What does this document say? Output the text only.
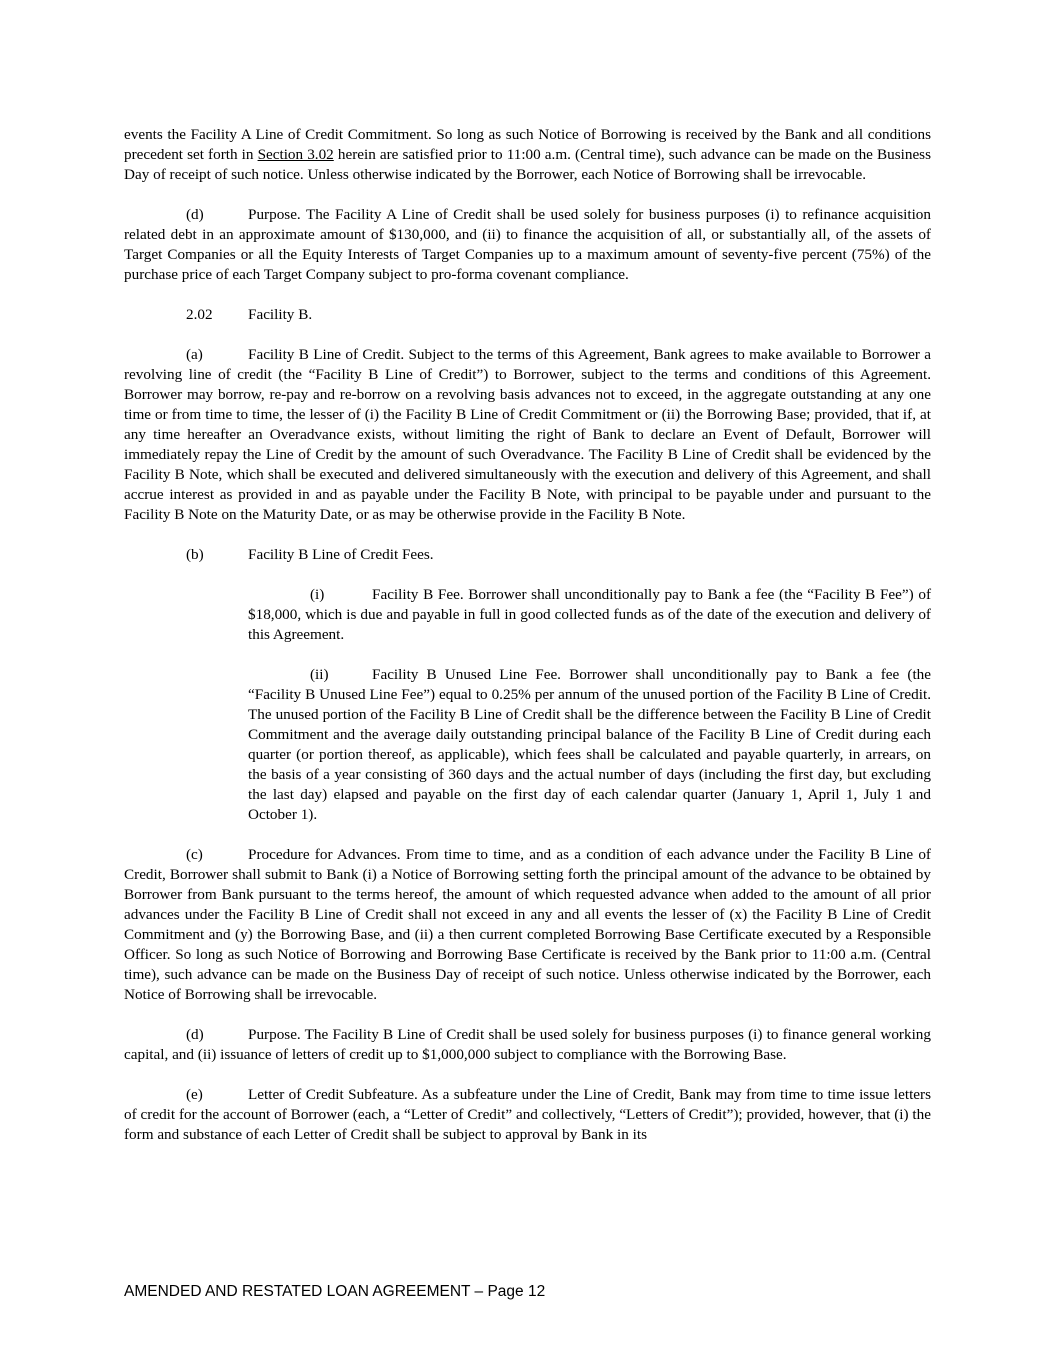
events the Facility A Line of Credit Commitment. So long as such Notice of Borrowing is received by the Bank and all conditions precedent set forth in Section 3.02 herein are satisfied prior to 11:00 a.m. (Central time), such advance can be made on the Business Day of receipt of such notice. Unless otherwise indicated by the Borrower, each Notice of Borrowing shall be irrevocable.

(d)	Purpose. The Facility A Line of Credit shall be used solely for business purposes (i) to refinance acquisition related debt in an approximate amount of $130,000, and (ii) to finance the acquisition of all, or substantially all, of the assets of Target Companies or all the Equity Interests of Target Companies up to a maximum amount of seventy-five percent (75%) of the purchase price of each Target Company subject to pro-forma covenant compliance.

2.02 Facility B.

(a)	Facility B Line of Credit. Subject to the terms of this Agreement, Bank agrees to make available to Borrower a revolving line of credit (the “Facility B Line of Credit”) to Borrower, subject to the terms and conditions of this Agreement. Borrower may borrow, re-pay and re-borrow on a revolving basis advances not to exceed, in the aggregate outstanding at any one time or from time to time, the lesser of (i) the Facility B Line of Credit Commitment or (ii) the Borrowing Base; provided, that if, at any time hereafter an Overadvance exists, without limiting the right of Bank to declare an Event of Default, Borrower will immediately repay the Line of Credit by the amount of such Overadvance. The Facility B Line of Credit shall be evidenced by the Facility B Note, which shall be executed and delivered simultaneously with the execution and delivery of this Agreement, and shall accrue interest as provided in and as payable under the Facility B Note, with principal to be payable under and pursuant to the Facility B Note on the Maturity Date, or as may be otherwise provide in the Facility B Note.

(b)	Facility B Line of Credit Fees.

(i)	Facility B Fee. Borrower shall unconditionally pay to Bank a fee (the “Facility B Fee”) of $18,000, which is due and payable in full in good collected funds as of the date of the execution and delivery of this Agreement.

(ii)	Facility B Unused Line Fee. Borrower shall unconditionally pay to Bank a fee (the “Facility B Unused Line Fee”) equal to 0.25% per annum of the unused portion of the Facility B Line of Credit. The unused portion of the Facility B Line of Credit shall be the difference between the Facility B Line of Credit Commitment and the average daily outstanding principal balance of the Facility B Line of Credit during each quarter (or portion thereof, as applicable), which fees shall be calculated and payable quarterly, in arrears, on the basis of a year consisting of 360 days and the actual number of days (including the first day, but excluding the last day) elapsed and payable on the first day of each calendar quarter (January 1, April 1, July 1 and October 1).

(c)	Procedure for Advances. From time to time, and as a condition of each advance under the Facility B Line of Credit, Borrower shall submit to Bank (i) a Notice of Borrowing setting forth the principal amount of the advance to be obtained by Borrower from Bank pursuant to the terms hereof, the amount of which requested advance when added to the amount of all prior advances under the Facility B Line of Credit shall not exceed in any and all events the lesser of (x) the Facility B Line of Credit Commitment and (y) the Borrowing Base, and (ii) a then current completed Borrowing Base Certificate executed by a Responsible Officer. So long as such Notice of Borrowing and Borrowing Base Certificate is received by the Bank prior to 11:00 a.m. (Central time), such advance can be made on the Business Day of receipt of such notice. Unless otherwise indicated by the Borrower, each Notice of Borrowing shall be irrevocable.

(d)	Purpose. The Facility B Line of Credit shall be used solely for business purposes (i) to finance general working capital, and (ii) issuance of letters of credit up to $1,000,000 subject to compliance with the Borrowing Base.

(e)	Letter of Credit Subfeature. As a subfeature under the Line of Credit, Bank may from time to time issue letters of credit for the account of Borrower (each, a “Letter of Credit” and collectively, “Letters of Credit”); provided, however, that (i) the form and substance of each Letter of Credit shall be subject to approval by Bank in its

AMENDED AND RESTATED LOAN AGREEMENT – Page 12
